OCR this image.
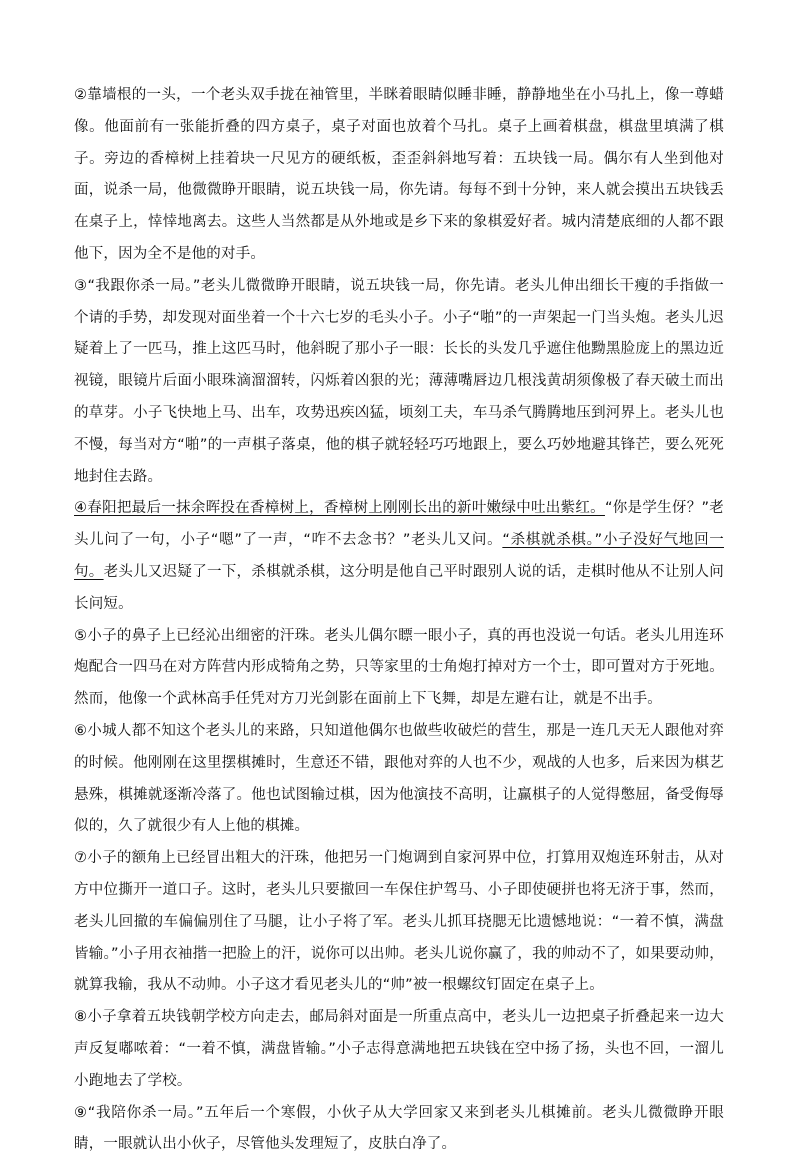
②靠墙根的一头，一个老头双手拢在袖管里，半眯着眼睛似睡非睡，静静地坐在小马扎上，像一尊蜡像。他面前有一张能折叠的四方桌子，桌子对面也放着个马扎。桌子上画着棋盘，棋盘里填满了棋子。旁边的香樟树上挂着块一尺见方的硬纸板，歪歪斜斜地写着：五块钱一局。偶尔有人坐到他对面，说杀一局，他微微睁开眼睛，说五块钱一局，你先请。每每不到十分钟，来人就会摸出五块钱丢在桌子上，悻悻地离去。这些人当然都是从外地或是乡下来的象棋爱好者。城内清楚底细的人都不跟他下，因为全不是他的对手。

③“我跟你杀一局。”老头儿微微睁开眼睛，说五块钱一局，你先请。老头儿伸出细长干瘦的手指做一个请的手势，却发现对面坐着一个十六七岁的毛头小子。小子“啪”的一声架起一门当头炮。老头儿迟疑着上了一匹马，推上这匹马时，他斜睨了那小子一眼：长长的头发几乎遮住他黝黑脸庞上的黑边近视镜，眼镜片后面小眼珠滴溜溜转，闪烁着凶狠的光；薄薄嘴唇边几根浅黄胡须像极了春天破土而出的草芽。小子飞快地上马、出车，攻势迅疾凶猛，顷刻工夫，车马杀气腾腾地压到河界上。老头儿也不慢，每当对方“啪”的一声棋子落桌，他的棋子就轻轻巧巧地跟上，要么巧妙地避其锋芒，要么死死地封住去路。

④春阳把最后一抹余晖投在香樟树上，香樟树上刚刚长出的新叶嫩绿中吐出紫红。“你是学生伢？”老头儿问了一句，小子“嗯”了一声，“咋不去念书？”老头儿又问。“杀棋就杀棋。”小子没好气地回一句。老头儿又迟疑了一下，杀棋就杀棋，这分明是他自己平时跟别人说的话，走棋时他从不让别人问长问短。

⑤小子的鼻子上已经沁出细密的汗珠。老头儿偶尔瞟一眼小子，真的再也没说一句话。老头儿用连环炮配合一四马在对方阵营内形成犄角之势，只等家里的士角炮打掉对方一个士，即可置对方于死地。然而，他像一个武林高手任凭对方刀光剑影在面前上下飞舞，却是左避右让，就是不出手。

⑥小城人都不知这个老头儿的来路，只知道他偶尔也做些收破烂的营生，那是一连几天无人跟他对弈的时候。他刚刚在这里摆棋摊时，生意还不错，跟他对弈的人也不少，观战的人也多，后来因为棋艺悬殊，棋摊就逐渐冷落了。他也试图输过棋，因为他演技不高明，让赢棋子的人觉得憋屈，备受侮辱似的，久了就很少有人上他的棋摊。

⑦小子的额角上已经冒出粗大的汗珠，他把另一门炮调到自家河界中位，打算用双炮连环射击，从对方中位撕开一道口子。这时，老头儿只要撤回一车保住护驾马、小子即使硬拼也将无济于事，然而，老头儿回撤的车偏偏別住了马腿，让小子将了军。老头儿抓耳挠腮无比遗憾地说：“一着不慎，满盘皆输。”小子用衣袖揩一把脸上的汗，说你可以出帅。老头儿说你赢了，我的帅动不了，如果要动帅，就算我输，我从不动帅。小子这才看见老头儿的“帅”被一根螺纹钉固定在桌子上。

⑧小子拿着五块钱朝学校方向走去，邮局斜对面是一所重点高中，老头儿一边把桌子折叠起来一边大声反复嘟哝着：“一着不慎，满盘皆输。”小子志得意满地把五块钱在空中扬了扬，头也不回，一溜儿小跑地去了学校。

⑨“我陪你杀一局。”五年后一个寒假，小伙子从大学回家又来到老头儿棋摊前。老头儿微微睁开眼睛，一眼就认出小伙子，尽管他头发理短了，皮肤白净了。
